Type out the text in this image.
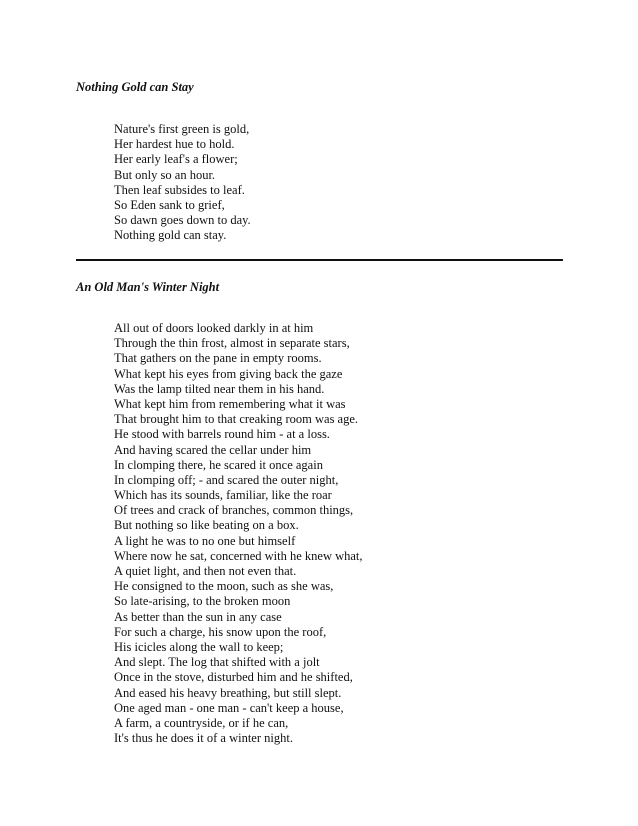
Nothing Gold can Stay
Nature's first green is gold,
Her hardest hue to hold.
Her early leaf's a flower;
But only so an hour.
Then leaf subsides to leaf.
So Eden sank to grief,
So dawn goes down to day.
Nothing gold can stay.
An Old Man's Winter Night
All out of doors looked darkly in at him
Through the thin frost, almost in separate stars,
That gathers on the pane in empty rooms.
What kept his eyes from giving back the gaze
Was the lamp tilted near them in his hand.
What kept him from remembering what it was
That brought him to that creaking room was age.
He stood with barrels round him - at a loss.
And having scared the cellar under him
In clomping there, he scared it once again
In clomping off; - and scared the outer night,
Which has its sounds, familiar, like the roar
Of trees and crack of branches, common things,
But nothing so like beating on a box.
A light he was to no one but himself
Where now he sat, concerned with he knew what,
A quiet light, and then not even that.
He consigned to the moon, such as she was,
So late-arising, to the broken moon
As better than the sun in any case
For such a charge, his snow upon the roof,
His icicles along the wall to keep;
And slept. The log that shifted with a jolt
Once in the stove, disturbed him and he shifted,
And eased his heavy breathing, but still slept.
One aged man - one man - can't keep a house,
A farm, a countryside, or if he can,
It's thus he does it of a winter night.
